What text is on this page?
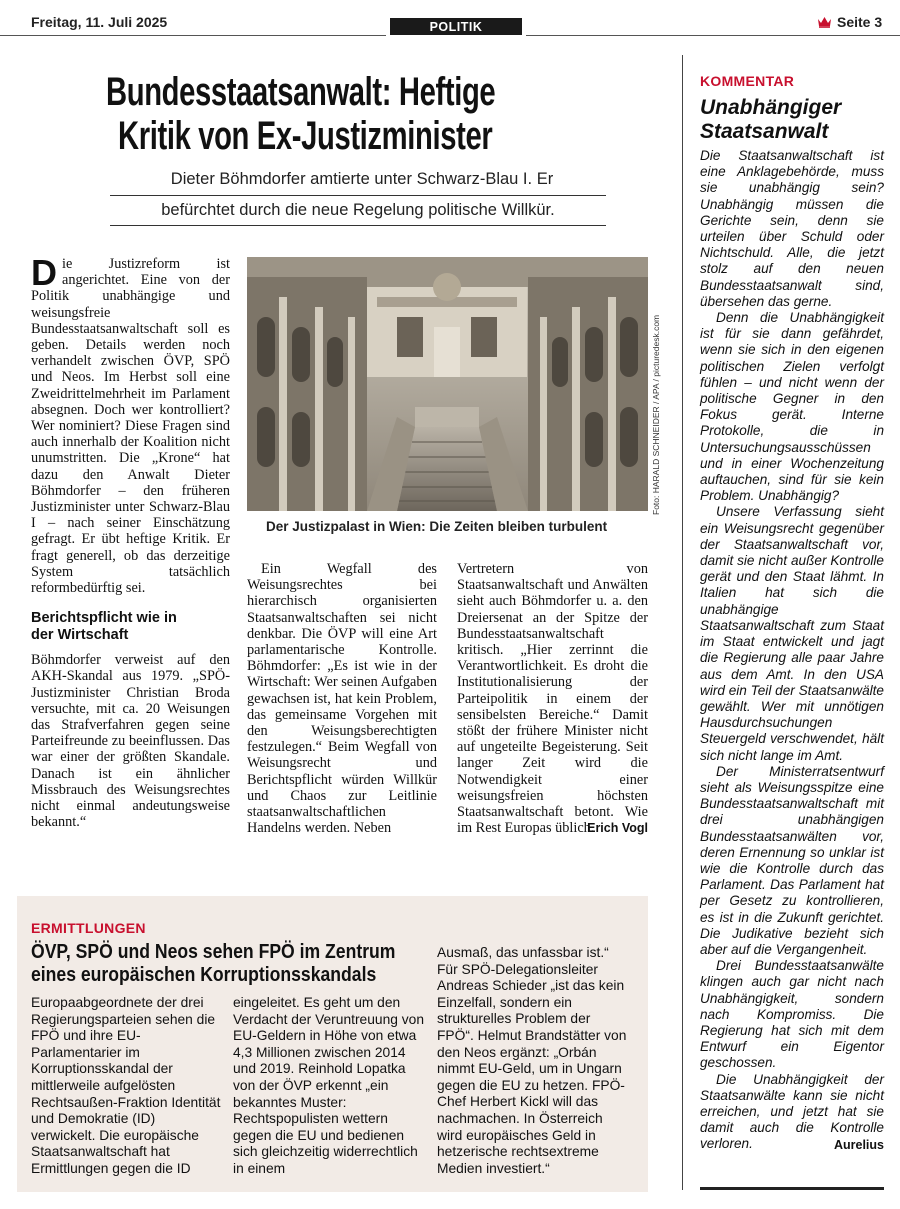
Freitag, 11. Juli 2025	POLITIK	Seite 3
Bundesstaatsanwalt: Heftige
Kritik von Ex-Justizminister
Dieter Böhmdorfer amtierte unter Schwarz-Blau I. Er
befürchtet durch die neue Regelung politische Willkür.

Die Justizreform ist angerichtet. Eine von der Politik unabhängige und weisungsfreie Bundesstaatsanwaltschaft soll es geben. Details werden noch verhandelt zwischen ÖVP, SPÖ und Neos. Im Herbst soll eine Zweidrittelmehrheit im Parlament absegnen. Doch wer kontrolliert? Wer nominiert? Diese Fragen sind auch innerhalb der Koalition nicht unumstritten. Die „Krone“ hat dazu den Anwalt Dieter Böhmdorfer – den früheren Justizminister unter Schwarz-Blau I – nach seiner Einschätzung gefragt. Er übt heftige Kritik. Er fragt generell, ob das derzeitige System tatsächlich reformbedürftig sei.

Berichtspflicht wie in der Wirtschaft

Böhmdorfer verweist auf den AKH-Skandal aus 1979. „SPÖ-Justizminister Christian Broda versuchte, mit ca. 20 Weisungen das Strafverfahren gegen seine Parteifreunde zu beeinflussen. Das war einer der größten Skandale. Danach ist ein ähnlicher Missbrauch des Weisungsrechtes nicht einmal andeutungsweise bekannt.“

Foto: HARALD SCHNEIDER / APA / picturedesk.com
Der Justizpalast in Wien: Die Zeiten bleiben turbulent

Ein Wegfall des Weisungsrechtes bei hierarchisch organisierten Staatsanwaltschaften sei nicht denkbar. Die ÖVP will eine Art parlamentarische Kontrolle. Böhmdorfer: „Es ist wie in der Wirtschaft: Wer seinen Aufgaben gewachsen ist, hat kein Problem, das gemeinsame Vorgehen mit den Weisungsberechtigten festzulegen.“ Beim Wegfall von Weisungsrecht und Berichtspflicht würden Willkür und Chaos zur Leitlinie staatsanwaltschaftlichen Handelns werden. Neben

Vertretern von Staatsanwaltschaft und Anwälten sieht auch Böhmdorfer u. a. den Dreiersenat an der Spitze der Bundesstaatsanwaltschaft kritisch. „Hier zerrinnt die Verantwortlichkeit. Es droht die Institutionalisierung der Parteipolitik in einem der sensibelsten Bereiche.“ Damit stößt der frühere Minister nicht auf ungeteilte Begeisterung. Seit langer Zeit wird die Notwendigkeit einer weisungsfreien höchsten Staatsanwaltschaft betont. Wie im Rest Europas üblich.

Erich Vogl

KOMMENTAR
Unabhängiger
Staatsanwalt

Die Staatsanwaltschaft ist eine Anklagebehörde, muss sie unabhängig sein? Unabhängig müssen die Gerichte sein, denn sie urteilen über Schuld oder Nichtschuld. Alle, die jetzt stolz auf den neuen Bundesstaatsanwalt sind, übersehen das gerne.

Denn die Unabhängigkeit ist für sie dann gefährdet, wenn sie sich in den eigenen politischen Zielen verfolgt fühlen – und nicht wenn der politische Gegner in den Fokus gerät. Interne Protokolle, die in Untersuchungsausschüssen und in einer Wochenzeitung auftauchen, sind für sie kein Problem. Unabhängig?

Unsere Verfassung sieht ein Weisungsrecht gegenüber der Staatsanwaltschaft vor, damit sie nicht außer Kontrolle gerät und den Staat lähmt. In Italien hat sich die unabhängige Staatsanwaltschaft zum Staat im Staat entwickelt und jagt die Regierung alle paar Jahre aus dem Amt. In den USA wird ein Teil der Staatsanwälte gewählt. Wer mit unnötigen Hausdurchsuchungen Steuergeld verschwendet, hält sich nicht lange im Amt.

Der Ministerratsentwurf sieht als Weisungsspitze eine Bundesstaatsanwaltschaft mit drei unabhängigen Bundesstaatsanwälten vor, deren Ernennung so unklar ist wie die Kontrolle durch das Parlament. Das Parlament hat per Gesetz zu kontrollieren, es ist in die Zukunft gerichtet. Die Judikative bezieht sich aber auf die Vergangenheit.

Drei Bundesstaatsanwälte klingen auch gar nicht nach Unabhängigkeit, sondern nach Kompromiss. Die Regierung hat sich mit dem Entwurf ein Eigentor geschossen.

Die Unabhängigkeit der Staatsanwälte kann sie nicht erreichen, und jetzt hat sie damit auch die Kontrolle verloren.	Aurelius

ERMITTLUNGEN
ÖVP, SPÖ und Neos sehen FPÖ im Zentrum
eines europäischen Korruptionsskandals
Europaabgeordnete der drei Regierungsparteien sehen die FPÖ und ihre EU-Parlamentarier im Korruptionsskandal der mittlerweile aufgelösten Rechtsaußen-Fraktion Identität und Demokratie (ID) verwickelt. Die europäische Staatsanwaltschaft hat Ermittlungen gegen die ID
eingeleitet. Es geht um den Verdacht der Veruntreuung von EU-Geldern in Höhe von etwa 4,3 Millionen zwischen 2014 und 2019. Reinhold Lopatka von der ÖVP erkennt „ein bekanntes Muster: Rechtspopulisten wettern gegen die EU und bedienen sich gleichzeitig widerrechtlich in einem
Ausmaß, das unfassbar ist.“ Für SPÖ-Delegationsleiter Andreas Schieder „ist das kein Einzelfall, sondern ein strukturelles Problem der FPÖ“. Helmut Brandstätter von den Neos ergänzt: „Orbán nimmt EU-Geld, um in Ungarn gegen die EU zu hetzen. FPÖ-Chef Herbert Kickl will das nachmachen. In Österreich wird europäisches Geld in hetzerische rechtsextreme Medien investiert.“
